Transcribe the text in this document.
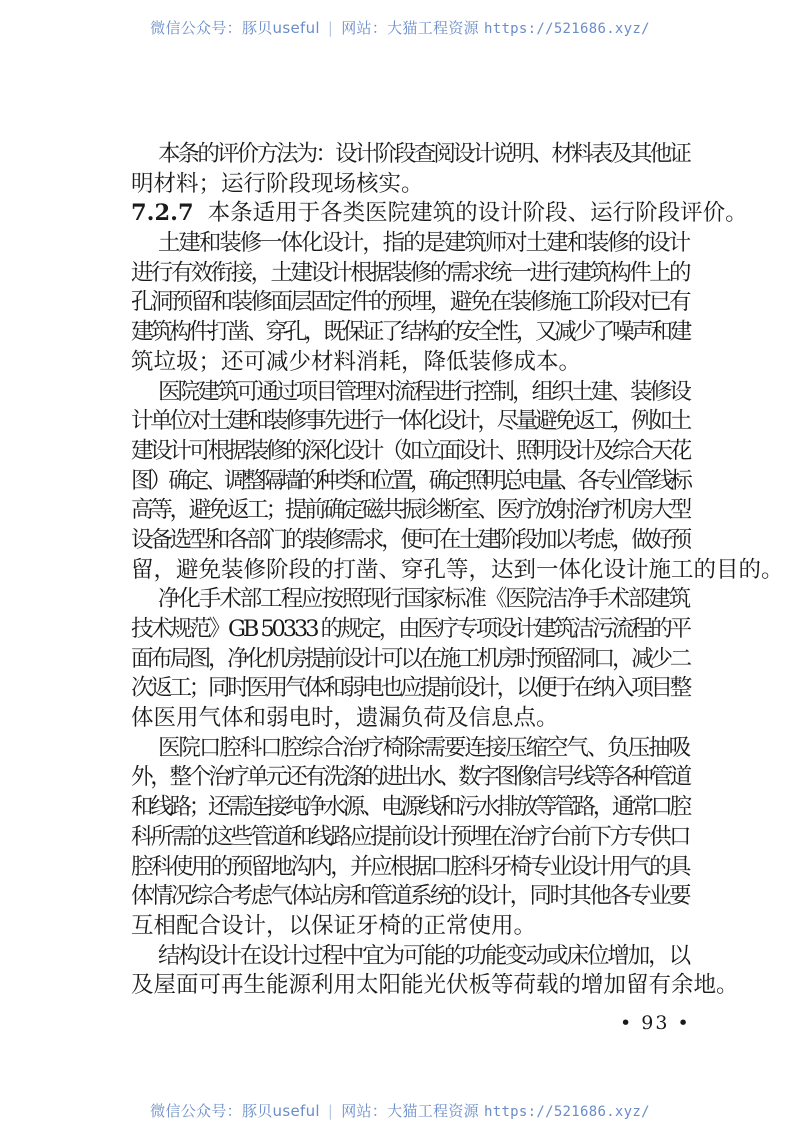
微信公众号：豚贝useful | 网站：大猫工程资源 https://521686.xyz/
本条的评价方法为：设计阶段查阅设计说明、材料表及其他证
明材料；运行阶段现场核实。
7.2.7 本条适用于各类医院建筑的设计阶段、运行阶段评价。
土建和装修一体化设计，指的是建筑师对土建和装修的设计
进行有效衔接，土建设计根据装修的需求统一进行建筑构件上的
孔洞预留和装修面层固定件的预埋，避免在装修施工阶段对已有
建筑构件打凿、穿孔，既保证了结构的安全性，又减少了噪声和建
筑垃圾；还可减少材料消耗，降低装修成本。
医院建筑可通过项目管理对流程进行控制，组织土建、装修设
计单位对土建和装修事先进行一体化设计，尽量避免返工，例如土
建设计可根据装修的深化设计（如立面设计、照明设计及综合天花
图）确定、调整隔墙的种类和位置，确定照明总电量、各专业管线标
高等，避免返工；提前确定磁共振诊断室、医疗放射治疗机房大型
设备选型和各部门的装修需求，便可在土建阶段加以考虑，做好预
留，避免装修阶段的打凿、穿孔等，达到一体化设计施工的目的。
净化手术部工程应按照现行国家标准《医院洁净手术部建筑
技术规范》GB 50333 的规定，由医疗专项设计建筑洁污流程的平
面布局图，净化机房提前设计可以在施工机房时预留洞口，减少二
次返工；同时医用气体和弱电也应提前设计，以便于在纳入项目整
体医用气体和弱电时，遗漏负荷及信息点。
医院口腔科口腔综合治疗椅除需要连接压缩空气、负压抽吸
外，整个治疗单元还有洗涤的进出水、数字图像信号线等各种管道
和线路；还需连接纯净水源、电源线和污水排放等管路，通常口腔
科所需的这些管道和线路应提前设计预埋在治疗台前下方专供口
腔科使用的预留地沟内，并应根据口腔科牙椅专业设计用气的具
体情况综合考虑气体站房和管道系统的设计，同时其他各专业要
互相配合设计，以保证牙椅的正常使用。
结构设计在设计过程中宜为可能的功能变动或床位增加，以
及屋面可再生能源利用太阳能光伏板等荷载的增加留有余地。
• 93 •
微信公众号：豚贝useful | 网站：大猫工程资源 https://521686.xyz/
